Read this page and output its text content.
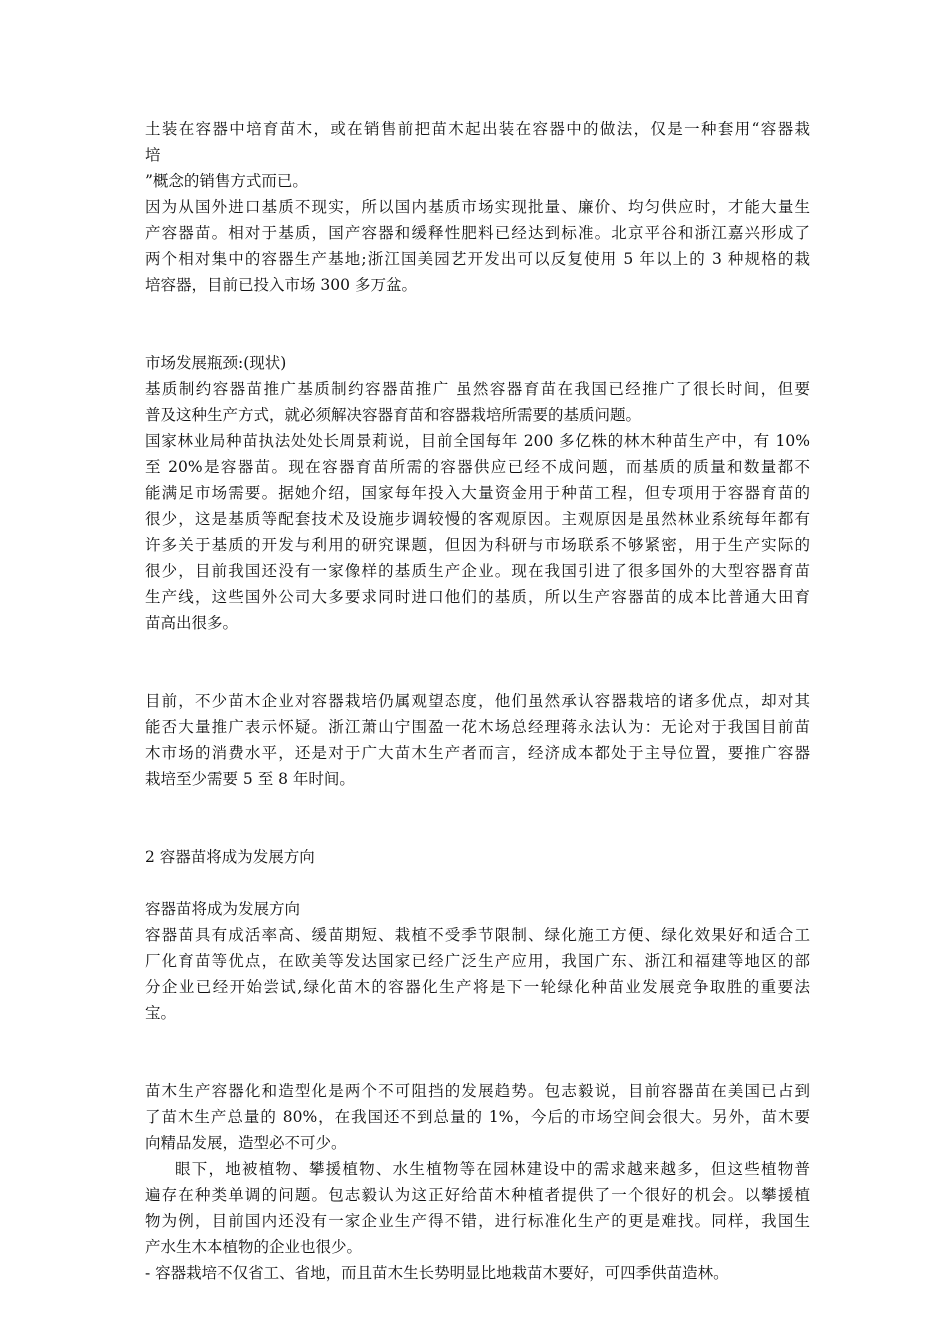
土装在容器中培育苗木，或在销售前把苗木起出装在容器中的做法，仅是一种套用“容器栽
培
”概念的销售方式而已。
因为从国外进口基质不现实，所以国内基质市场实现批量、廉价、均匀供应时，才能大量生
产容器苗。相对于基质，国产容器和缓释性肥料已经达到标准。北京平谷和浙江嘉兴形成了
两个相对集中的容器生产基地;浙江国美园艺开发出可以反复使用 5 年以上的 3 种规格的栽
培容器，目前已投入市场 300 多万盆。
市场发展瓶颈:(现状)
基质制约容器苗推广基质制约容器苗推广 虽然容器育苗在我国已经推广了很长时间，但要
普及这种生产方式，就必须解决容器育苗和容器栽培所需要的基质问题。
国家林业局种苗执法处处长周景莉说，目前全国每年 200 多亿株的林木种苗生产中，有 10%
至 20%是容器苗。现在容器育苗所需的容器供应已经不成问题，而基质的质量和数量都不
能满足市场需要。据她介绍，国家每年投入大量资金用于种苗工程，但专项用于容器育苗的
很少，这是基质等配套技术及设施步调较慢的客观原因。主观原因是虽然林业系统每年都有
许多关于基质的开发与利用的研究课题，但因为科研与市场联系不够紧密，用于生产实际的
很少，目前我国还没有一家像样的基质生产企业。现在我国引进了很多国外的大型容器育苗
生产线，这些国外公司大多要求同时进口他们的基质，所以生产容器苗的成本比普通大田育
苗高出很多。
目前，不少苗木企业对容器栽培仍属观望态度，他们虽然承认容器栽培的诸多优点，却对其
能否大量推广表示怀疑。浙江萧山宁围盈一花木场总经理蒋永法认为：无论对于我国目前苗
木市场的消费水平，还是对于广大苗木生产者而言，经济成本都处于主导位置，要推广容器
栽培至少需要 5 至 8 年时间。
2 容器苗将成为发展方向
容器苗将成为发展方向
容器苗具有成活率高、缓苗期短、栽植不受季节限制、绿化施工方便、绿化效果好和适合工
厂化育苗等优点，在欧美等发达国家已经广泛生产应用，我国广东、浙江和福建等地区的部
分企业已经开始尝试,绿化苗木的容器化生产将是下一轮绿化种苗业发展竞争取胜的重要法
宝。
苗木生产容器化和造型化是两个不可阻挡的发展趋势。包志毅说，目前容器苗在美国已占到
了苗木生产总量的 80%，在我国还不到总量的 1%，今后的市场空间会很大。另外，苗木要
向精品发展，造型必不可少。
眼下，地被植物、攀援植物、水生植物等在园林建设中的需求越来越多，但这些植物普
遍存在种类单调的问题。包志毅认为这正好给苗木种植者提供了一个很好的机会。以攀援植
物为例，目前国内还没有一家企业生产得不错，进行标准化生产的更是难找。同样，我国生
产水生木本植物的企业也很少。
- 容器栽培不仅省工、省地，而且苗木生长势明显比地栽苗木要好，可四季供苗造林。
